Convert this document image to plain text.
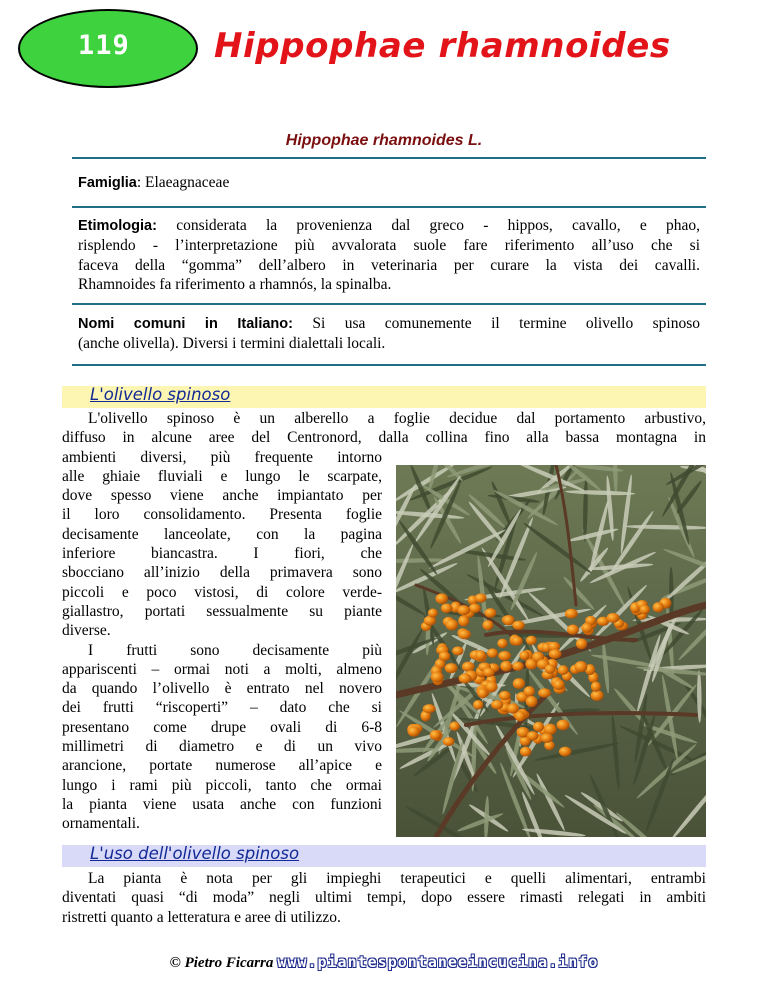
119 Hippophae rhamnoides
Hippophae rhamnoides L.
Famiglia: Elaeagnaceae
Etimologia: considerata la provenienza dal greco - hippos, cavallo, e phao,
risplendo - l’interpretazione più avvalorata suole fare riferimento all’uso che si
faceva della “gomma” dell’albero in veterinaria per curare la vista dei cavalli.
Rhamnoides fa riferimento a rhamnós, la spinalba.
Nomi comuni in Italiano: Si usa comunemente il termine olivello spinoso
(anche olivella). Diversi i termini dialettali locali.
L'olivello spinoso
L'olivello spinoso è un alberello a foglie decidue dal portamento arbustivo,
diffuso in alcune aree del Centronord, dalla collina fino alla bassa montagna in
ambienti diversi, più frequente intorno
alle ghiaie fluviali e lungo le scarpate,
dove spesso viene anche impiantato per
il loro consolidamento. Presenta foglie
decisamente lanceolate, con la pagina
inferiore biancastra. I fiori, che
sbocciano all’inizio della primavera sono
piccoli e poco vistosi, di colore verde-
giallastro, portati sessualmente su piante
diverse.
I frutti sono decisamente più
appariscenti – ormai noti a molti, almeno
da quando l’olivello è entrato nel novero
dei frutti “riscoperti” – dato che si
presentano come drupe ovali di 6-8
millimetri di diametro e di un vivo
arancione, portate numerose all’apice e
lungo i rami più piccoli, tanto che ormai
la pianta viene usata anche con funzioni
ornamentali.
L'uso dell'olivello spinoso
La pianta è nota per gli impieghi terapeutici e quelli alimentari, entrambi
diventati quasi “di moda” negli ultimi tempi, dopo essere rimasti relegati in ambiti
ristretti quanto a letteratura e aree di utilizzo.
© Pietro Ficarra www.piantespontaneeincucina.info
